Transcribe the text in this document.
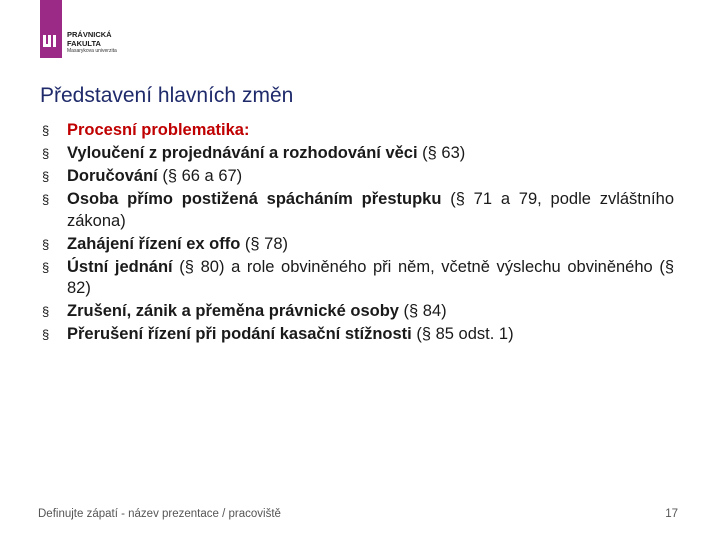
PRÁVNICKÁ
FAKULTA
Masarykova univerzita
Představení hlavních změn
§ Procesní problematika:
§ Vyloučení z projednávání a rozhodování věci (§ 63)
§ Doručování (§ 66 a 67)
§ Osoba přímo postižená spácháním přestupku (§ 71 a 79, podle zvláštního zákona)
§ Zahájení řízení ex offo (§ 78)
§ Ústní jednání (§ 80) a role obviněného při něm, včetně výslechu obviněného (§ 82)
§ Zrušení, zánik a přeměna právnické osoby (§ 84)
§ Přerušení řízení při podání kasační stížnosti (§ 85 odst. 1)
Definujte zápatí - název prezentace / pracoviště	17
